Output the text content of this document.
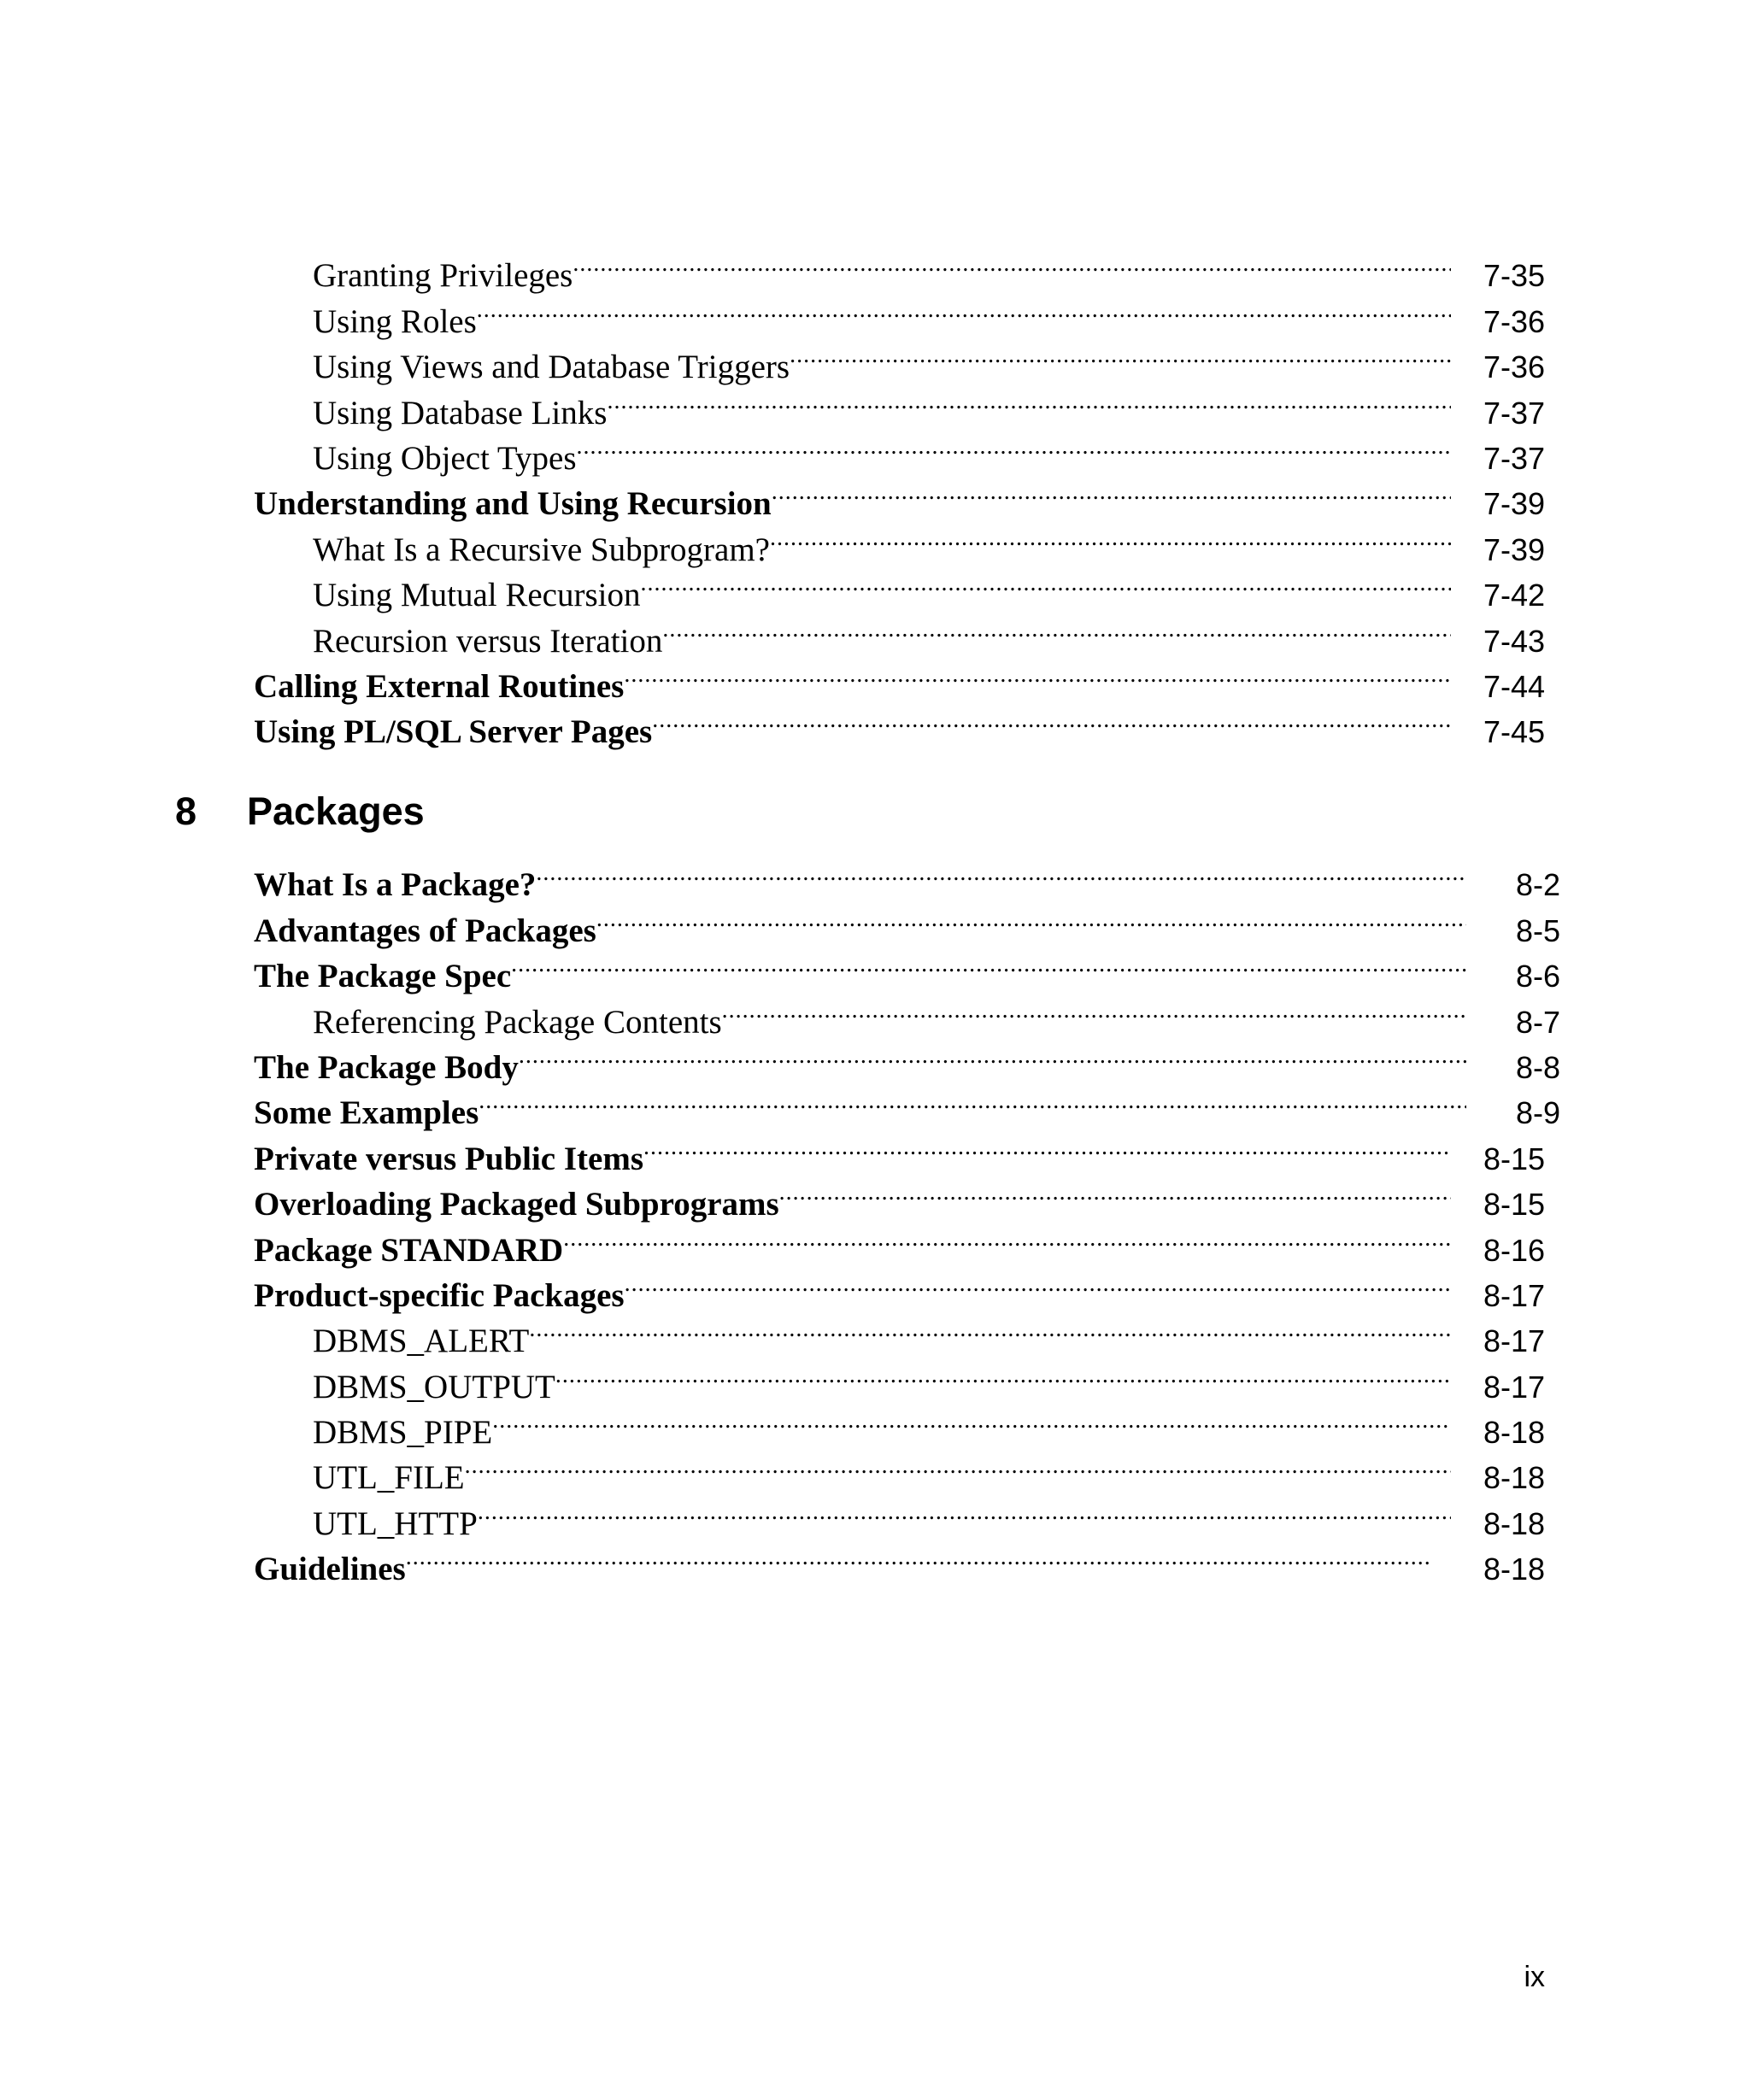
Granting Privileges . . .	7-35
Using Roles . . .	7-36
Using Views and Database Triggers . . .	7-36
Using Database Links . . .	7-37
Using Object Types . . .	7-37
Understanding and Using Recursion . . .	7-39
What Is a Recursive Subprogram? . . .	7-39
Using Mutual Recursion . . .	7-42
Recursion versus Iteration . . .	7-43
Calling External Routines . . .	7-44
Using PL/SQL Server Pages . . .	7-45
8	Packages
What Is a Package? . . .	8-2
Advantages of Packages . . .	8-5
The Package Spec . . .	8-6
Referencing Package Contents . . .	8-7
The Package Body . . .	8-8
Some Examples . . .	8-9
Private versus Public Items . . .	8-15
Overloading Packaged Subprograms . . .	8-15
Package STANDARD . . .	8-16
Product-specific Packages . . .	8-17
DBMS_ALERT . . .	8-17
DBMS_OUTPUT . . .	8-17
DBMS_PIPE . . .	8-18
UTL_FILE . . .	8-18
UTL_HTTP . . .	8-18
Guidelines . . .	8-18
ix
